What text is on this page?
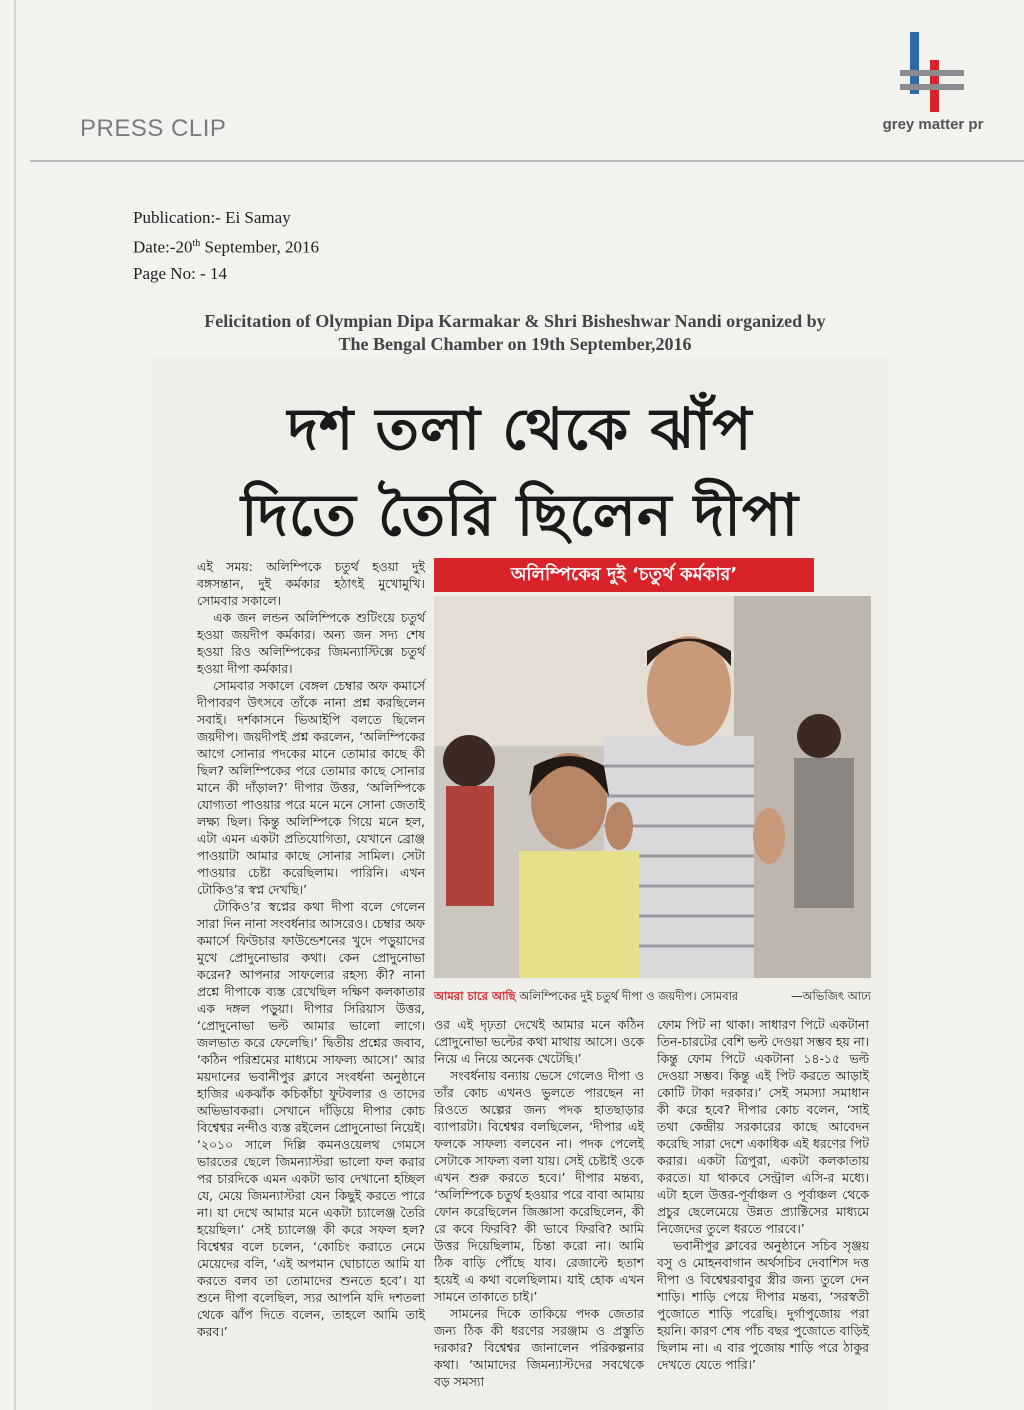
PRESS CLIP	grey matter pr
Publication:- Ei Samay
Date:-20th September, 2016
Page No: - 14
Felicitation of Olympian Dipa Karmakar & Shri Bisheshwar Nandi organized by
The Bengal Chamber on 19th September,2016
দশ তলা থেকে ঝাঁপ
দিতে তৈরি ছিলেন দীপা

এই সময়: অলিম্পিকে চতুর্থ হওয়া দুই বঙ্গসন্তান, দুই কর্মকার হঠাৎই মুখোমুখি। সোমবার সকালে।

এক জন লন্ডন অলিম্পিকে শুটিংয়ে চতুর্থ হওয়া জয়দীপ কর্মকার। অন্য জন সদ্য শেষ হওয়া রিও অলিম্পিকের জিমন্যাস্টিক্সে চতুর্থ হওয়া দীপা কর্মকার।

সোমবার সকালে বেঙ্গল চেম্বার অফ কমার্সে দীপাবরণ উৎসবে তাঁকে নানা প্রশ্ন করছিলেন সবাই। দর্শকাসনে ভিআইপি বলতে ছিলেন জয়দীপ। জয়দীপই প্রশ্ন করলেন, ‘অলিম্পিকের আগে সোনার পদকের মানে তোমার কাছে কী ছিল? অলিম্পিকের পরে তোমার কাছে সোনার মানে কী দাঁড়াল?’ দীপার উত্তর, ‘অলিম্পিকে যোগ্যতা পাওয়ার পরে মনে মনে সোনা জেতাই লক্ষ্য ছিল। কিন্তু অলিম্পিকে গিয়ে মনে হল, এটা এমন একটা প্রতিযোগিতা, যেখানে ব্রোঞ্জ পাওয়াটা আমার কাছে সোনার সামিল। সেটা পাওয়ার চেষ্টা করেছিলাম। পারিনি। এখন টোকিও’র স্বপ্ন দেখছি।’

টোকিও’র স্বপ্নের কথা দীপা বলে গেলেন সারা দিন নানা সংবর্ধনার আসরেও। চেম্বার অফ কমার্সে ফিউচার ফাউন্ডেশনের খুদে পড়ুয়াদের মুখে প্রোদুনোভার কথা। কেন প্রোদুনোভা করেন? আপনার সাফল্যের রহস্য কী? নানা প্রশ্নে দীপাকে ব্যস্ত রেখেছিল দক্ষিণ কলকাতার এক দঙ্গল পড়ুয়া। দীপার সিরিয়াস উত্তর, ‘প্রোদুনোভা ভল্ট আমার ভালো লাগে। জলভাত করে ফেলেছি।’ দ্বিতীয় প্রশ্নের জবাব, ‘কঠিন পরিশ্রমের মাধ্যমে সাফল্য আসে।’ আর ময়দানের ভবানীপুর ক্লাবে সংবর্ধনা অনুষ্ঠানে হাজির একঝাঁক কচিকাঁচা ফুটবলার ও তাদের অভিভাবকরা। সেখানে দাঁড়িয়ে দীপার কোচ বিশ্বেশ্বর নন্দীও ব্যস্ত রইলেন প্রোদুনোভা নিয়েই। ‘২০১০ সালে দিল্লি কমনওয়েলথ গেমসে ভারতের ছেলে জিমন্যাস্টরা ভালো ফল করার পর চারদিকে এমন একটা ভাব দেখানো হচ্ছিল যে, মেয়ে জিমন্যাস্টরা যেন কিছুই করতে পারে না। যা দেখে আমার মনে একটা চ্যালেঞ্জ তৈরি হয়েছিল।’ সেই চ্যালেঞ্জ কী করে সফল হল? বিশ্বেশ্বর বলে চলেন, ‘কোচিং করাতে নেমে মেয়েদের বলি, ‘এই অপমান ঘোচাতে আমি যা করতে বলব তা তোমাদের শুনতে হবে’। যা শুনে দীপা বলেছিল, স্যর আপনি যদি দশতলা থেকে ঝাঁপ দিতে বলেন, তাহলে আমি তাই করব।’

অলিম্পিকের দুই ‘চতুর্থ কর্মকার’
আমরা চারে আছি অলিম্পিকের দুই চতুর্থ দীপা ও জয়দীপ। সোমবার	—অভিজিৎ আঢ্য

ওর এই দৃঢ়তা দেখেই আমার মনে কঠিন প্রোদুনোভা ভল্টের কথা মাথায় আসে। ওকে নিয়ে এ নিয়ে অনেক খেটেছি।’

সংবর্ধনায় বন্যায় ভেসে গেলেও দীপা ও তাঁর কোচ এখনও ভুলতে পারছেন না রিওতে অল্পের জন্য পদক হাতছাড়ার ব্যাপারটা। বিশ্বেশ্বর বলছিলেন, ‘দীপার এই ফলকে সাফল্য বলবেন না। পদক পেলেই সেটাকে সাফল্য বলা যায়। সেই চেষ্টাই ওকে এখন শুরু করতে হবে।’ দীপার মন্তব্য, ‘অলিম্পিকে চতুর্থ হওয়ার পরে বাবা আমায় ফোন করেছিলেন জিজ্ঞাসা করেছিলেন, কী রে কবে ফিরবি? কী ভাবে ফিরবি? আমি উত্তর দিয়েছিলাম, চিন্তা করো না। আমি ঠিক বাড়ি পৌঁছে যাব। রেজাল্টে হতাশ হয়েই এ কথা বলেছিলাম। যাই হোক এখন সামনে তাকাতে চাই।’

সামনের দিকে তাকিয়ে পদক জেতার জন্য ঠিক কী ধরণের সরঞ্জাম ও প্রস্তুতি দরকার? বিশ্বেশ্বর জানালেন পরিকল্পনার কথা। ‘আমাদের জিমন্যাস্টদের সবথেকে বড় সমস্যা

ফোম পিট না থাকা। সাধারণ পিটে একটানা তিন-চারটের বেশি ভল্ট দেওয়া সম্ভব হয় না। কিন্তু ফোম পিটে একটানা ১৪-১৫ ভল্ট দেওয়া সম্ভব। কিন্তু এই পিট করতে আড়াই কোটি টাকা দরকার।’ সেই সমস্যা সমাধান কী করে হবে? দীপার কোচ বলেন, ‘সাই তথা কেন্দ্রীয় সরকারের কাছে আবেদন করেছি সারা দেশে একাধিক এই ধরণের পিট করার। একটা ত্রিপুরা, একটা কলকাতায় করতে। যা থাকবে সেন্ট্রাল এসি-র মধ্যে। এটা হলে উত্তর-পূর্বাঞ্চল ও পূর্বাঞ্চল থেকে প্রচুর ছেলেমেয়ে উন্নত প্র্যাক্টিসের মাধ্যমে নিজেদের তুলে ধরতে পারবে।’

ভবানীপুর ক্লাবের অনুষ্ঠানে সচিব সৃঞ্জয় বসু ও মোহনবাগান অর্থসচিব দেবাশিস দত্ত দীপা ও বিশ্বেশ্বরবাবুর স্ত্রীর জন্য তুলে দেন শাড়ি। শাড়ি পেয়ে দীপার মন্তব্য, ‘সরস্বতী পুজোতে শাড়ি পরেছি। দুর্গাপুজোয় পরা হয়নি। কারণ শেষ পাঁচ বছর পুজোতে বাড়িই ছিলাম না। এ বার পুজোয় শাড়ি পরে ঠাকুর দেখতে যেতে পারি।’
